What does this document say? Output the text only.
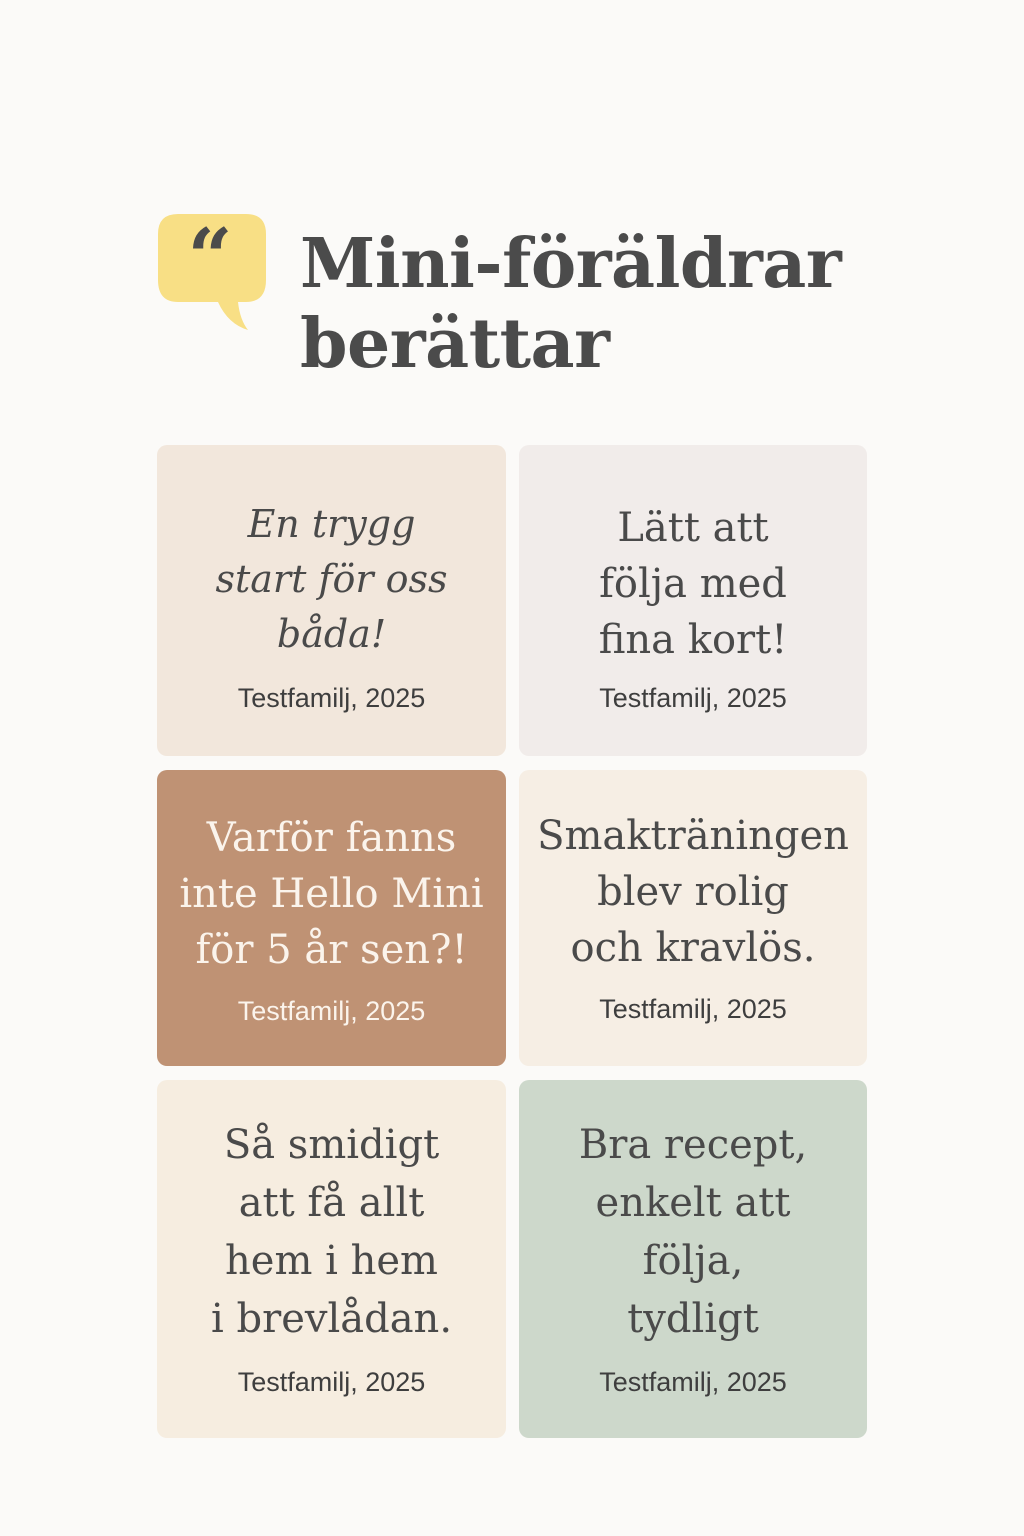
“ Mini-föräldrar
berättar
En trygg
start för oss
båda!
Testfamilj, 2025
Lätt att
följa med
fina kort!
Testfamilj, 2025
Varför fanns
inte Hello Mini
för 5 år sen?!
Testfamilj, 2025
Smakträningen
blev rolig
och kravlös.
Testfamilj, 2025
Så smidigt
att få allt
hem i hem
i brevlådan.
Testfamilj, 2025
Bra recept,
enkelt att
följa,
tydligt
Testfamilj, 2025
